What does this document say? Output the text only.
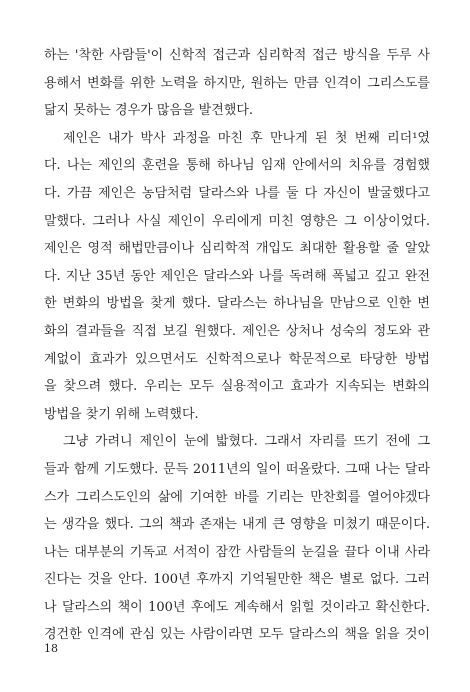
하는 '착한 사람들'이 신학적 접근과 심리학적 접근 방식을 두루 사
용해서 변화를 위한 노력을 하지만, 원하는 만큼 인격이 그리스도를
닮지 못하는 경우가 많음을 발견했다.
제인은 내가 박사 과정을 마친 후 만나게 된 첫 번째 리더¹였
다. 나는 제인의 훈련을 통해 하나님 임재 안에서의 치유를 경험했
다. 가끔 제인은 농담처럼 달라스와 나를 둘 다 자신이 발굴했다고
말했다. 그러나 사실 제인이 우리에게 미친 영향은 그 이상이었다.
제인은 영적 해법만큼이나 심리학적 개입도 최대한 활용할 줄 알았
다. 지난 35년 동안 제인은 달라스와 나를 독려해 폭넓고 깊고 완전
한 변화의 방법을 찾게 했다. 달라스는 하나님을 만남으로 인한 변
화의 결과들을 직접 보길 원했다. 제인은 상처나 성숙의 정도와 관
계없이 효과가 있으면서도 신학적으로나 학문적으로 타당한 방법
을 찾으려 했다. 우리는 모두 실용적이고 효과가 지속되는 변화의
방법을 찾기 위해 노력했다.
그냥 가려니 제인이 눈에 밟혔다. 그래서 자리를 뜨기 전에 그
들과 함께 기도했다. 문득 2011년의 일이 떠올랐다. 그때 나는 달라
스가 그리스도인의 삶에 기여한 바를 기리는 만찬회를 열어야겠다
는 생각을 했다. 그의 책과 존재는 내게 큰 영향을 미쳤기 때문이다.
나는 대부분의 기독교 서적이 잠깐 사람들의 눈길을 끌다 이내 사라
진다는 것을 안다. 100년 후까지 기억될만한 책은 별로 없다. 그러
나 달라스의 책이 100년 후에도 계속해서 읽힐 것이라고 확신한다.
경건한 인격에 관심 있는 사람이라면 모두 달라스의 책을 읽을 것이
18
